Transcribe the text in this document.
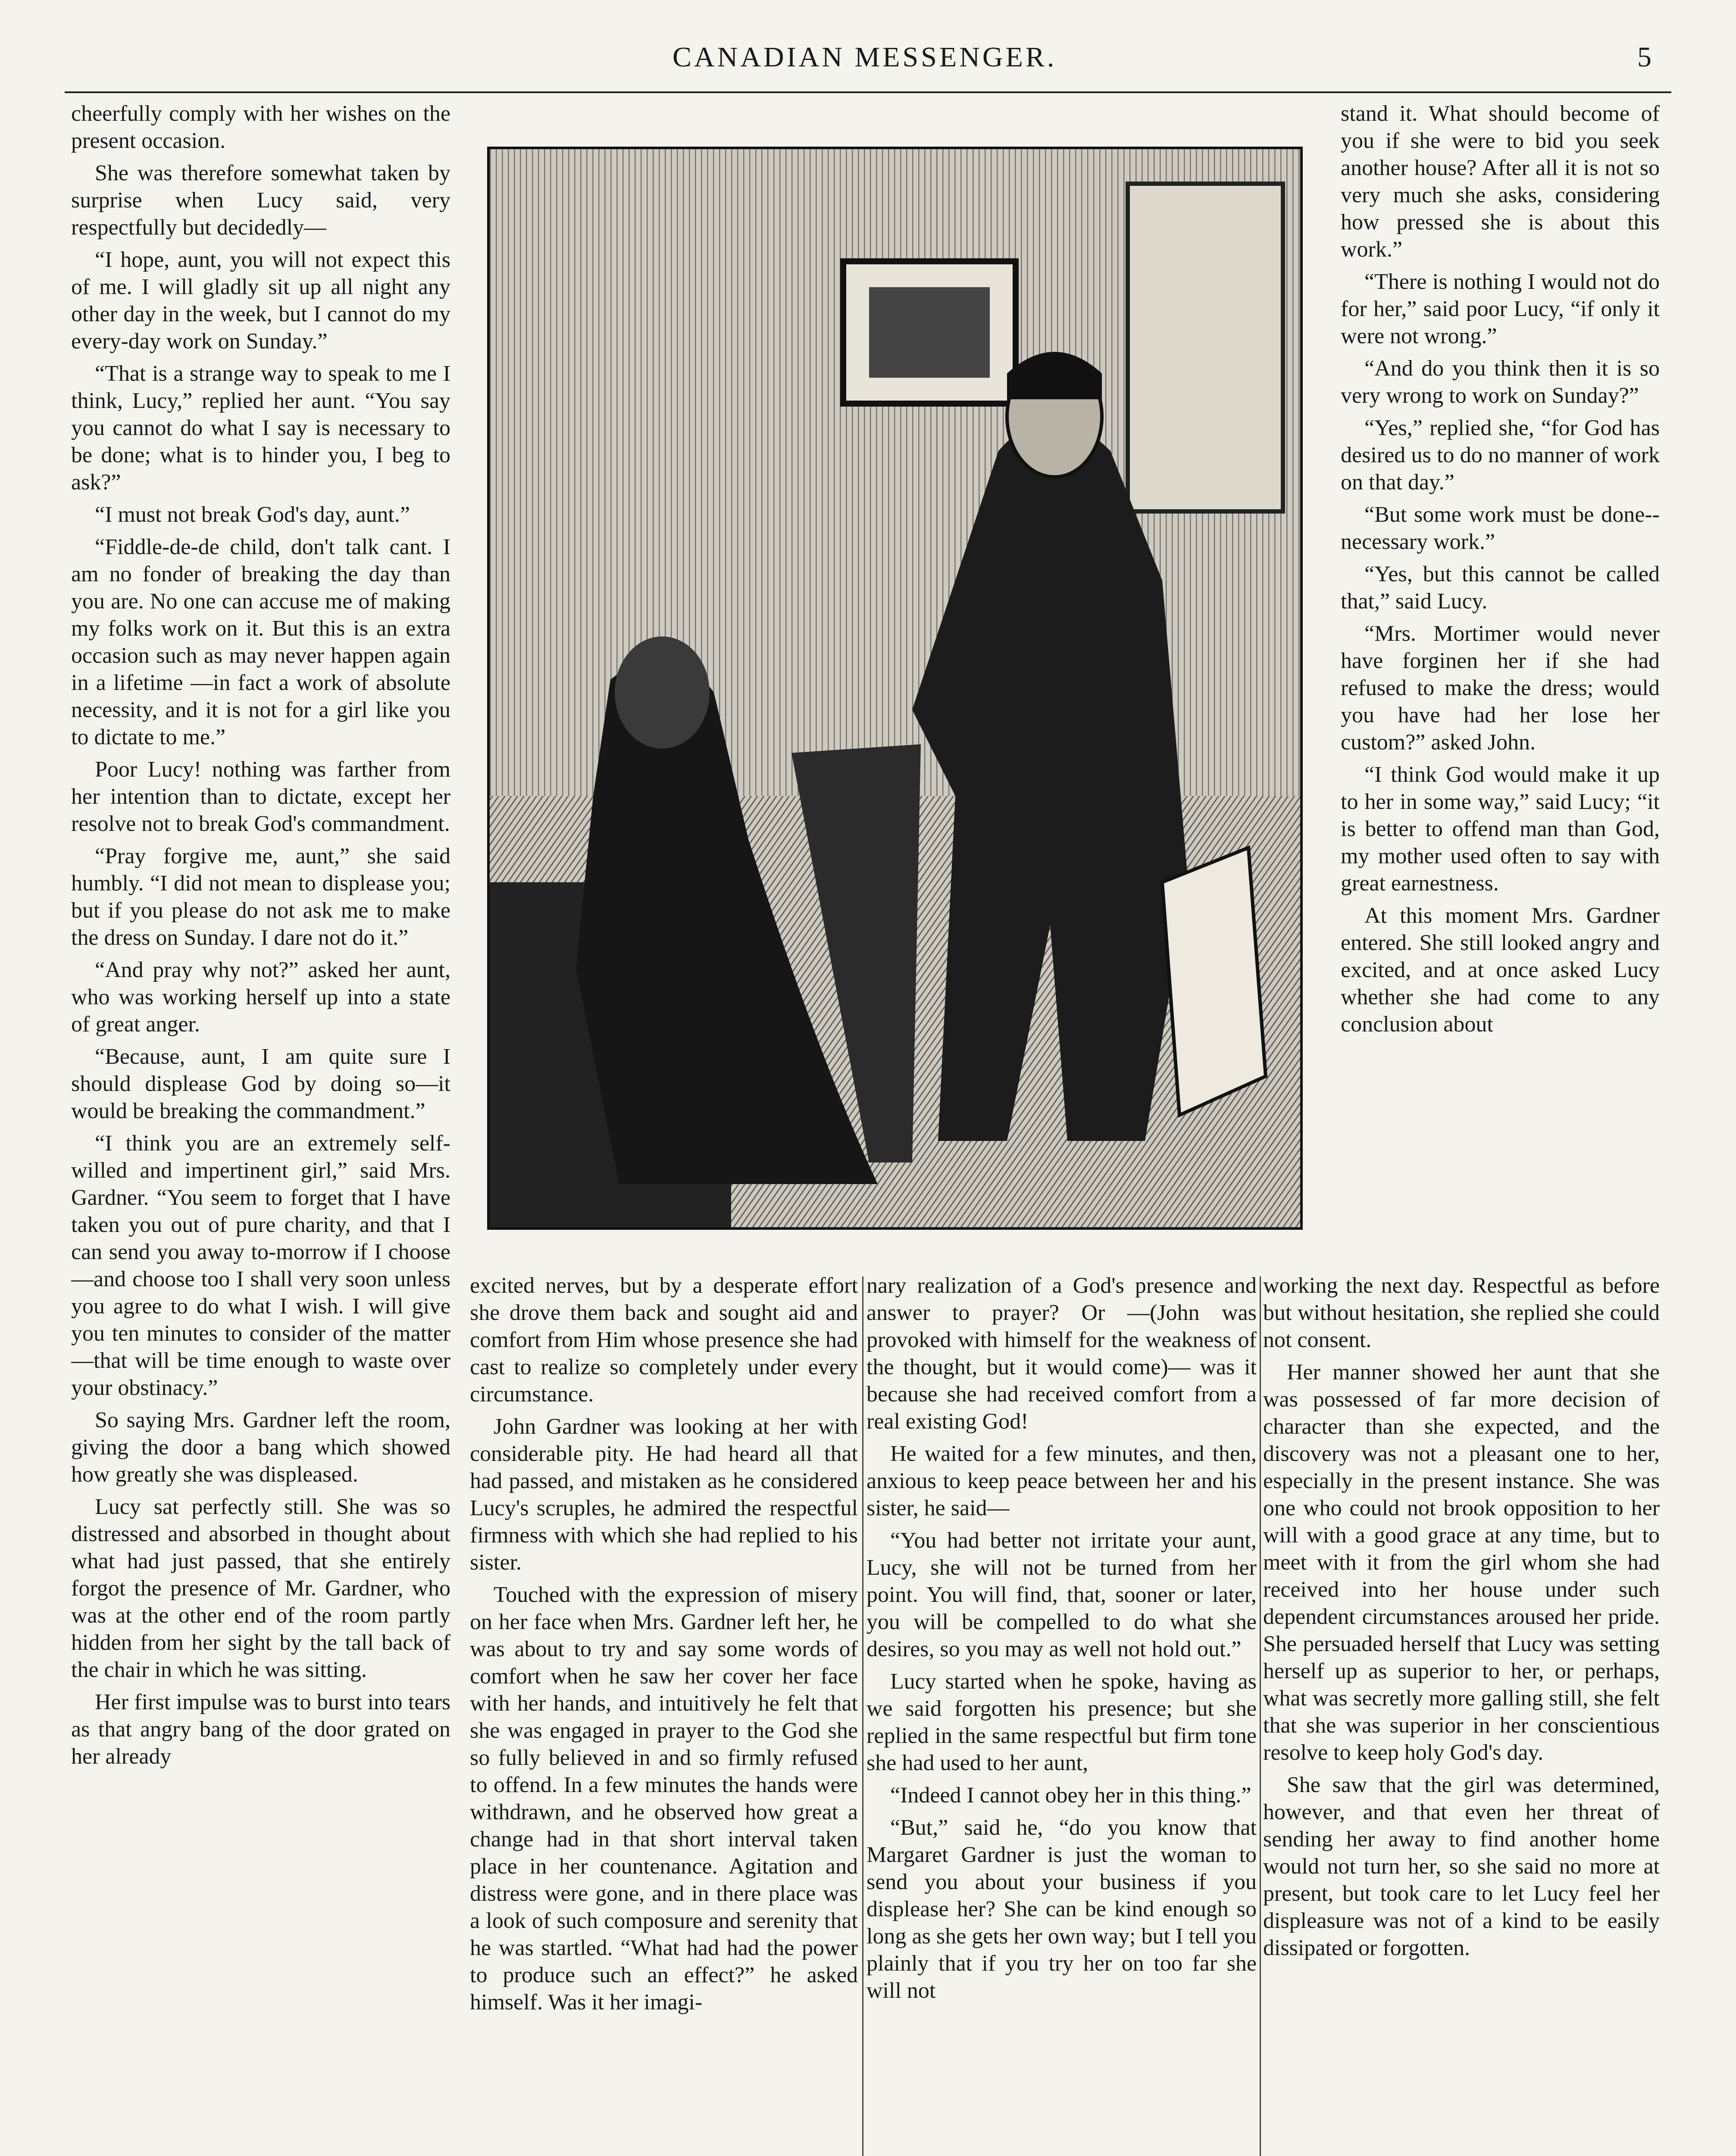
CANADIAN MESSENGER.	5

cheerfully comply with her wishes on the present occasion.

She was therefore somewhat taken by surprise when Lucy said, very respectfully but decidedly—

“I hope, aunt, you will not expect this of me. I will gladly sit up all night any other day in the week, but I cannot do my every-day work on Sunday.”

“That is a strange way to speak to me I think, Lucy,” replied her aunt. “You say you cannot do what I say is necessary to be done; what is to hinder you, I beg to ask?”

“I must not break God's day, aunt.”

“Fiddle-de-de child, don't talk cant. I am no fonder of breaking the day than you are. No one can accuse me of making my folks work on it. But this is an extra occasion such as may never happen again in a lifetime —in fact a work of absolute necessity, and it is not for a girl like you to dictate to me.”

Poor Lucy! nothing was farther from her intention than to dictate, except her resolve not to break God's commandment.

“Pray forgive me, aunt,” she said humbly. “I did not mean to displease you; but if you please do not ask me to make the dress on Sunday. I dare not do it.”

“And pray why not?” asked her aunt, who was working herself up into a state of great anger.

“Because, aunt, I am quite sure I should displease God by doing so—it would be breaking the commandment.”

“I think you are an extremely self-willed and impertinent girl,” said Mrs. Gardner. “You seem to forget that I have taken you out of pure charity, and that I can send you away to-morrow if I choose—and choose too I shall very soon unless you agree to do what I wish. I will give you ten minutes to consider of the matter—that will be time enough to waste over your obstinacy.”

So saying Mrs. Gardner left the room, giving the door a bang which showed how greatly she was displeased.

Lucy sat perfectly still. She was so distressed and absorbed in thought about what had just passed, that she entirely forgot the presence of Mr. Gardner, who was at the other end of the room partly hidden from her sight by the tall back of the chair in which he was sitting.

Her first impulse was to burst into tears as that angry bang of the door grated on her already

excited nerves, but by a desperate effort she drove them back and sought aid and comfort from Him whose presence she had cast to realize so completely under every circumstance.

John Gardner was looking at her with considerable pity. He had heard all that had passed, and mistaken as he considered Lucy's scruples, he admired the respectful firmness with which she had replied to his sister.

Touched with the expression of misery on her face when Mrs. Gardner left her, he was about to try and say some words of comfort when he saw her cover her face with her hands, and intuitively he felt that she was engaged in prayer to the God she so fully believed in and so firmly refused to offend. In a few minutes the hands were withdrawn, and he observed how great a change had in that short interval taken place in her countenance. Agitation and distress were gone, and in there place was a look of such composure and serenity that he was startled. “What had had the power to produce such an effect?” he asked himself. Was it her imagi-

nary realization of a God's presence and answer to prayer? Or —(John was provoked with himself for the weakness of the thought, but it would come)— was it because she had received comfort from a real existing God!

He waited for a few minutes, and then, anxious to keep peace between her and his sister, he said—

“You had better not irritate your aunt, Lucy, she will not be turned from her point. You will find, that, sooner or later, you will be compelled to do what she desires, so you may as well not hold out.”

Lucy started when he spoke, having as we said forgotten his presence; but she replied in the same respectful but firm tone she had used to her aunt,

“Indeed I cannot obey her in this thing.”

“But,” said he, “do you know that Margaret Gardner is just the woman to send you about your business if you displease her? She can be kind enough so long as she gets her own way; but I tell you plainly that if you try her on too far she will not

stand it. What should become of you if she were to bid you seek another house? After all it is not so very much she asks, considering how pressed she is about this work.”

“There is nothing I would not do for her,” said poor Lucy, “if only it were not wrong.”

“And do you think then it is so very wrong to work on Sunday?”

“Yes,” replied she, “for God has desired us to do no manner of work on that day.”

“But some work must be done--necessary work.”

“Yes, but this cannot be called that,” said Lucy.

“Mrs. Mortimer would never have forginen her if she had refused to make the dress; would you have had her lose her custom?” asked John.

“I think God would make it up to her in some way,” said Lucy; “it is better to offend man than God, my mother used often to say with great earnestness.

At this moment Mrs. Gardner entered. She still looked angry and excited, and at once asked Lucy whether she had come to any conclusion about

working the next day. Respectful as before but without hesitation, she replied she could not consent.

Her manner showed her aunt that she was possessed of far more decision of character than she expected, and the discovery was not a pleasant one to her, especially in the present instance. She was one who could not brook opposition to her will with a good grace at any time, but to meet with it from the girl whom she had received into her house under such dependent circumstances aroused her pride. She persuaded herself that Lucy was setting herself up as superior to her, or perhaps, what was secretly more galling still, she felt that she was superior in her conscientious resolve to keep holy God's day.

She saw that the girl was determined, however, and that even her threat of sending her away to find another home would not turn her, so she said no more at present, but took care to let Lucy feel her displeasure was not of a kind to be easily dissipated or forgotten.
